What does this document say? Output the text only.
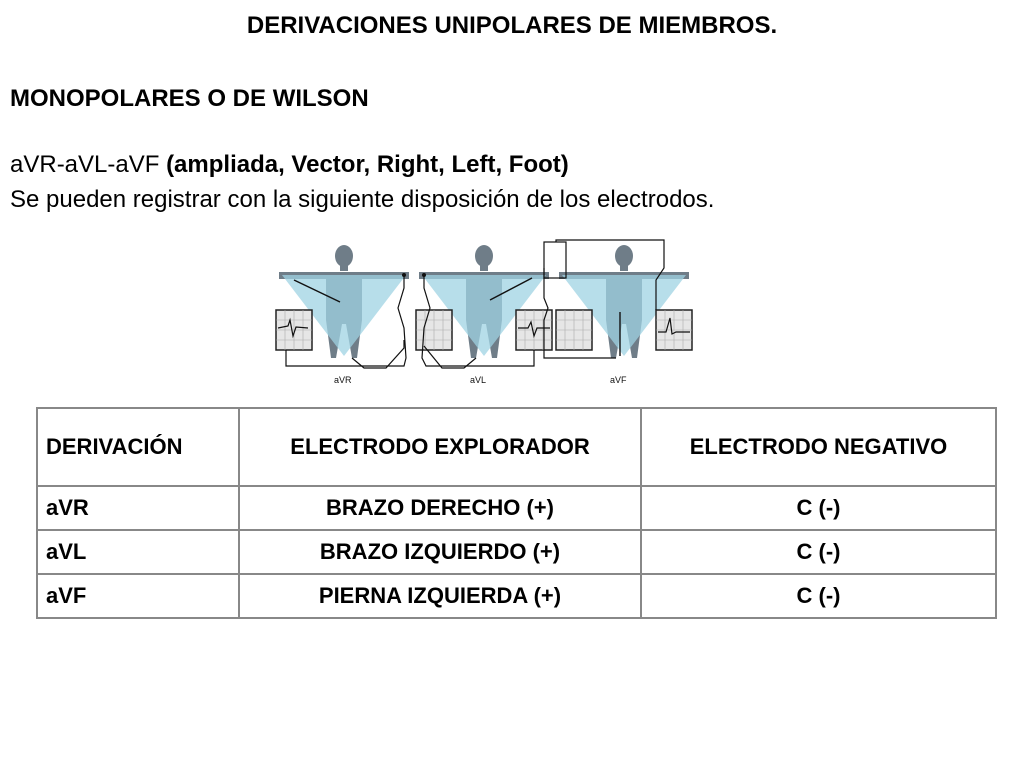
DERIVACIONES UNIPOLARES DE MIEMBROS.
MONOPOLARES O DE WILSON
aVR-aVL-aVF (ampliada, Vector, Right, Left, Foot)
Se pueden registrar con la siguiente disposición de los electrodos.
aVR	aVL	aVF
DERIVACIÓN	ELECTRODO EXPLORADOR	ELECTRODO NEGATIVO
aVR	BRAZO DERECHO (+)	C (-)
aVL	BRAZO IZQUIERDO (+)	C (-)
aVF	PIERNA IZQUIERDA (+)	C (-)
